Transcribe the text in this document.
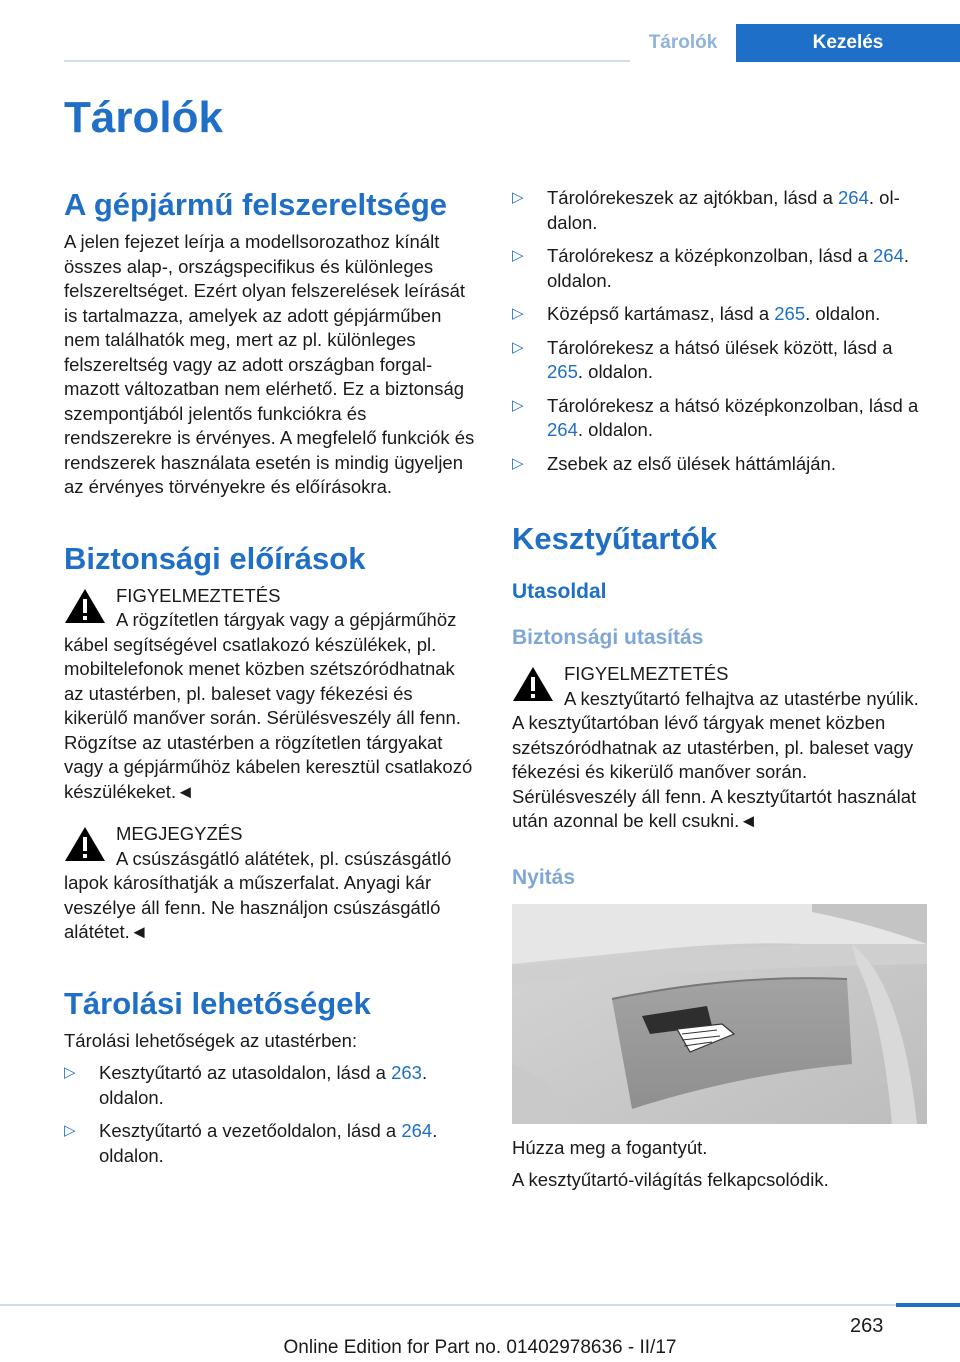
Tárolók	Kezelés
Tárolók
A gépjármű felszereltsége

A jelen fejezet leírja a modellsorozathoz kínált összes alap-, országspecifikus és különleges felszereltséget. Ezért olyan felszerelések leírását is tartalmazza, amelyek az adott gépjárműben nem találhatók meg, mert az pl. különleges felszereltség vagy az adott országban forgalmazott változatban nem elérhető. Ez a biztonság szempontjából jelentős funkciókra és rendszerekre is érvényes. A megfelelő funkciók és rendszerek használata esetén is mindig ügyeljen az érvényes törvényekre és előírásokra.

Biztonsági előírások
FIGYELMEZTETÉS
A rögzítetlen tárgyak vagy a gépjárműhöz kábel segítségével csatlakozó készülékek, pl. mobiltelefonok menet közben szétszóródhatnak az utastérben, pl. baleset vagy fékezési és kikerülő manőver során. Sérülésveszély áll fenn. Rögzítse az utastérben a rögzítetlen tárgyakat vagy a gépjárműhöz kábelen keresztül csatlakozó készülékeket.◄
MEGJEGYZÉS
A csúszásgátló alátétek, pl. csúszásgátló lapok károsíthatják a műszerfalat. Anyagi kár veszélye áll fenn. Ne használjon csúszásgátló alátétet.◄
Tárolási lehetőségek

Tárolási lehetőségek az utastérben:

▷ Kesztyűtartó az utasoldalon, lásd a 263. oldalon.
▷ Kesztyűtartó a vezetőoldalon, lásd a 264. oldalon.
▷ Tárolórekeszek az ajtókban, lásd a 264. oldalon.
▷ Tárolórekesz a középkonzolban, lásd a 264. oldalon.
▷ Középső kartámasz, lásd a 265. oldalon.
▷ Tárolórekesz a hátsó ülések között, lásd a 265. oldalon.
▷ Tárolórekesz a hátsó középkonzolban, lásd a 264. oldalon.
▷ Zsebek az első ülések háttámláján.
Kesztyűtartók
Utasoldal
Biztonsági utasítás
FIGYELMEZTETÉS
A kesztyűtartó felhajtva az utastérbe nyúlik. A kesztyűtartóban lévő tárgyak menet közben szétszóródhatnak az utastérben, pl. baleset vagy fékezési és kikerülő manőver során. Sérülésveszély áll fenn. A kesztyűtartót használat után azonnal be kell csukni.◄
Nyitás

Húzza meg a fogantyút.

A kesztyűtartó-világítás felkapcsolódik.

263
Online Edition for Part no. 01402978636 - II/17
